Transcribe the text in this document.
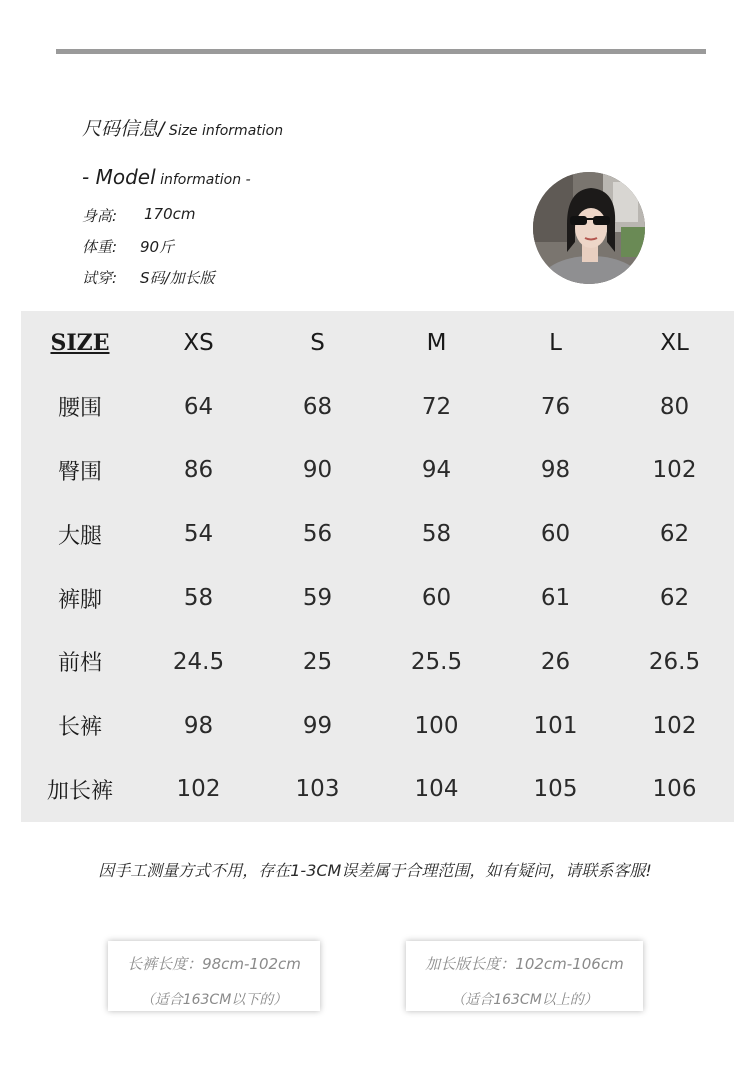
尺码信息/ Size information
- Model information -
身高: 170cm
体重: 90斤
试穿: S码/加长版
SIZE	XS	S	M	L	XL
腰围	64	68	72	76	80
臀围	86	90	94	98	102
大腿	54	56	58	60	62
裤脚	58	59	60	61	62
前档	24.5	25	25.5	26	26.5
长裤	98	99	100	101	102
加长裤	102	103	104	105	106
因手工测量方式不用，存在1-3CM误差属于合理范围，如有疑问，请联系客服!
长裤长度：98cm-102cm
（适合163CM以下的）
加长版长度：102cm-106cm
（适合163CM以上的）
